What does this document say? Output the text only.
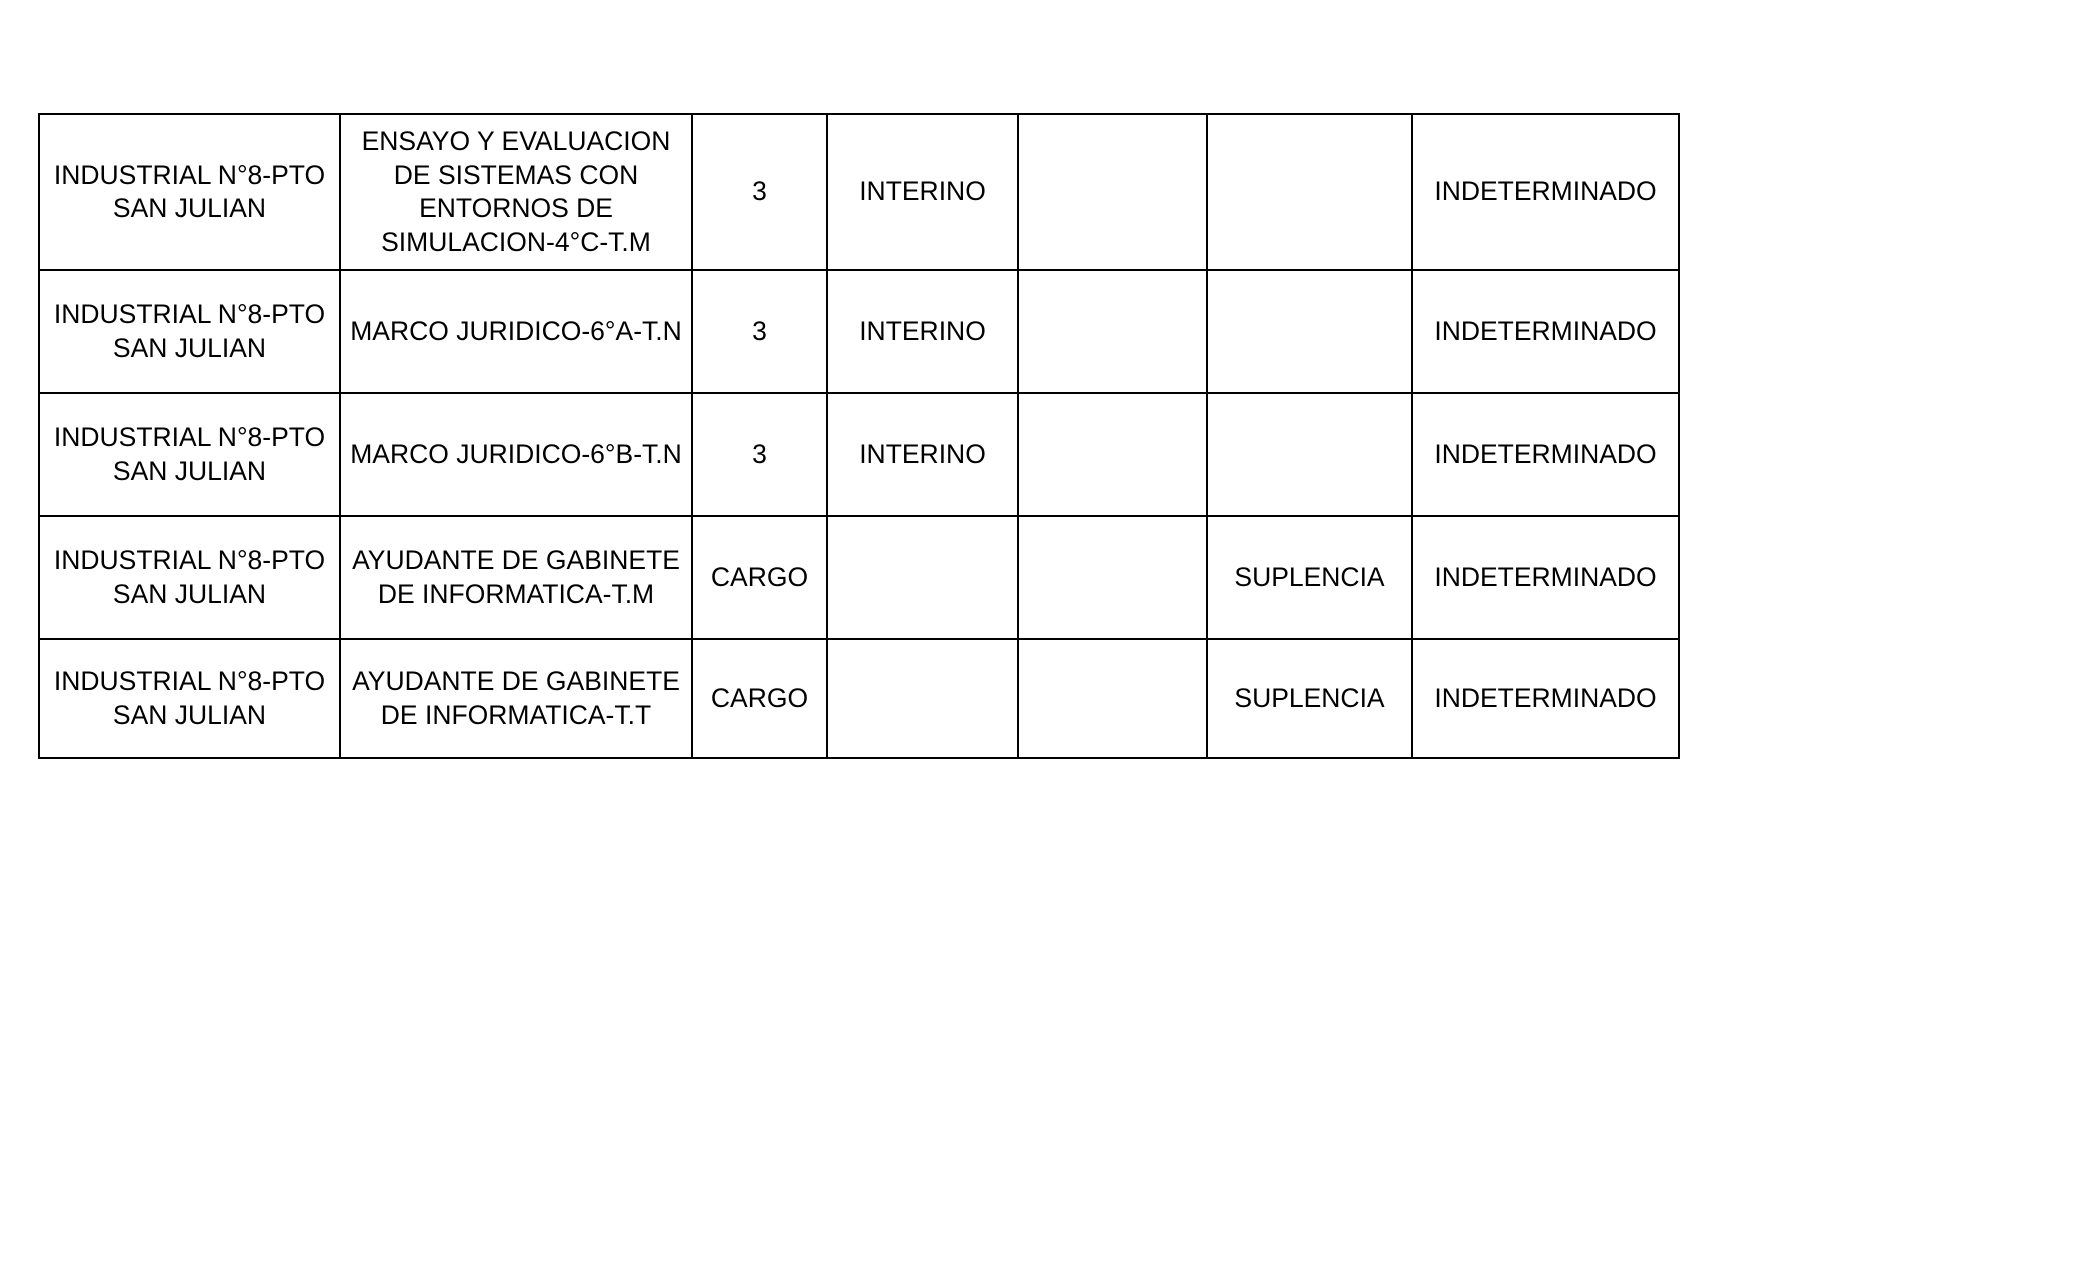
INDUSTRIAL N°8-PTO SAN JULIAN	ENSAYO Y EVALUACION DE SISTEMAS CON ENTORNOS DE SIMULACION-4°C-T.M	3	INTERINO			INDETERMINADO
INDUSTRIAL N°8-PTO SAN JULIAN	MARCO JURIDICO-6°A-T.N	3	INTERINO			INDETERMINADO
INDUSTRIAL N°8-PTO SAN JULIAN	MARCO JURIDICO-6°B-T.N	3	INTERINO			INDETERMINADO
INDUSTRIAL N°8-PTO SAN JULIAN	AYUDANTE DE GABINETE DE INFORMATICA-T.M	CARGO			SUPLENCIA	INDETERMINADO
INDUSTRIAL N°8-PTO SAN JULIAN	AYUDANTE DE GABINETE DE INFORMATICA-T.T	CARGO			SUPLENCIA	INDETERMINADO
